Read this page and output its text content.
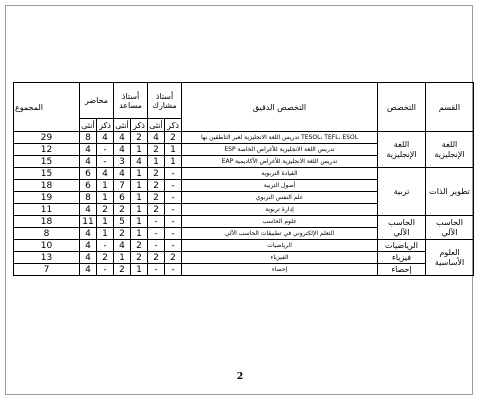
القسم	التخصص	التخصص الدقيق	أستاذ مشارك		أستاذ مساعد		محاضر		المجموع
			ذكر	أنثى	ذكر	أنثى	ذكر	أنثى	
اللغة الإنجليزية	اللغة الإنجليزية	TESOL، TEFL، ESOL تدريس اللغة الانجليزية لغير الناطقين بها	2	4	2	4	4	8	29
		تدريس اللغة الانجليزية للأغراض الخاصة ESP	1	2	1	4	-	4	12
		تدريس اللغة الانجليزية للأغراض الأكاديمية EAP	1	1	4	3	-	4	15
تطوير الذات	تربية	القيادة التربوية	-	2	1	4	4	6	15
		أصول التربية	-	2	1	7	1	6	18
		علم النفس التربوي	-	2	1	6	1	8	19
		إدارة تربوية	-	2	1	2	2	4	11
الحاسب الآلي	الحاسب الآلي	علوم الحاسب	-	-	1	5	1	11	18
		التعلم الإلكتروني في تطبيقات الحاسب الآلي	-	-	1	2	1	4	8
العلوم الأساسية	الرياضيات	الرياضيات	-	-	2	4	-	4	10
	فيزياء	الفيزياء	2	2	2	1	2	4	13
	إحصاء	إحصاء	-	-	1	2	-	4	7
2
